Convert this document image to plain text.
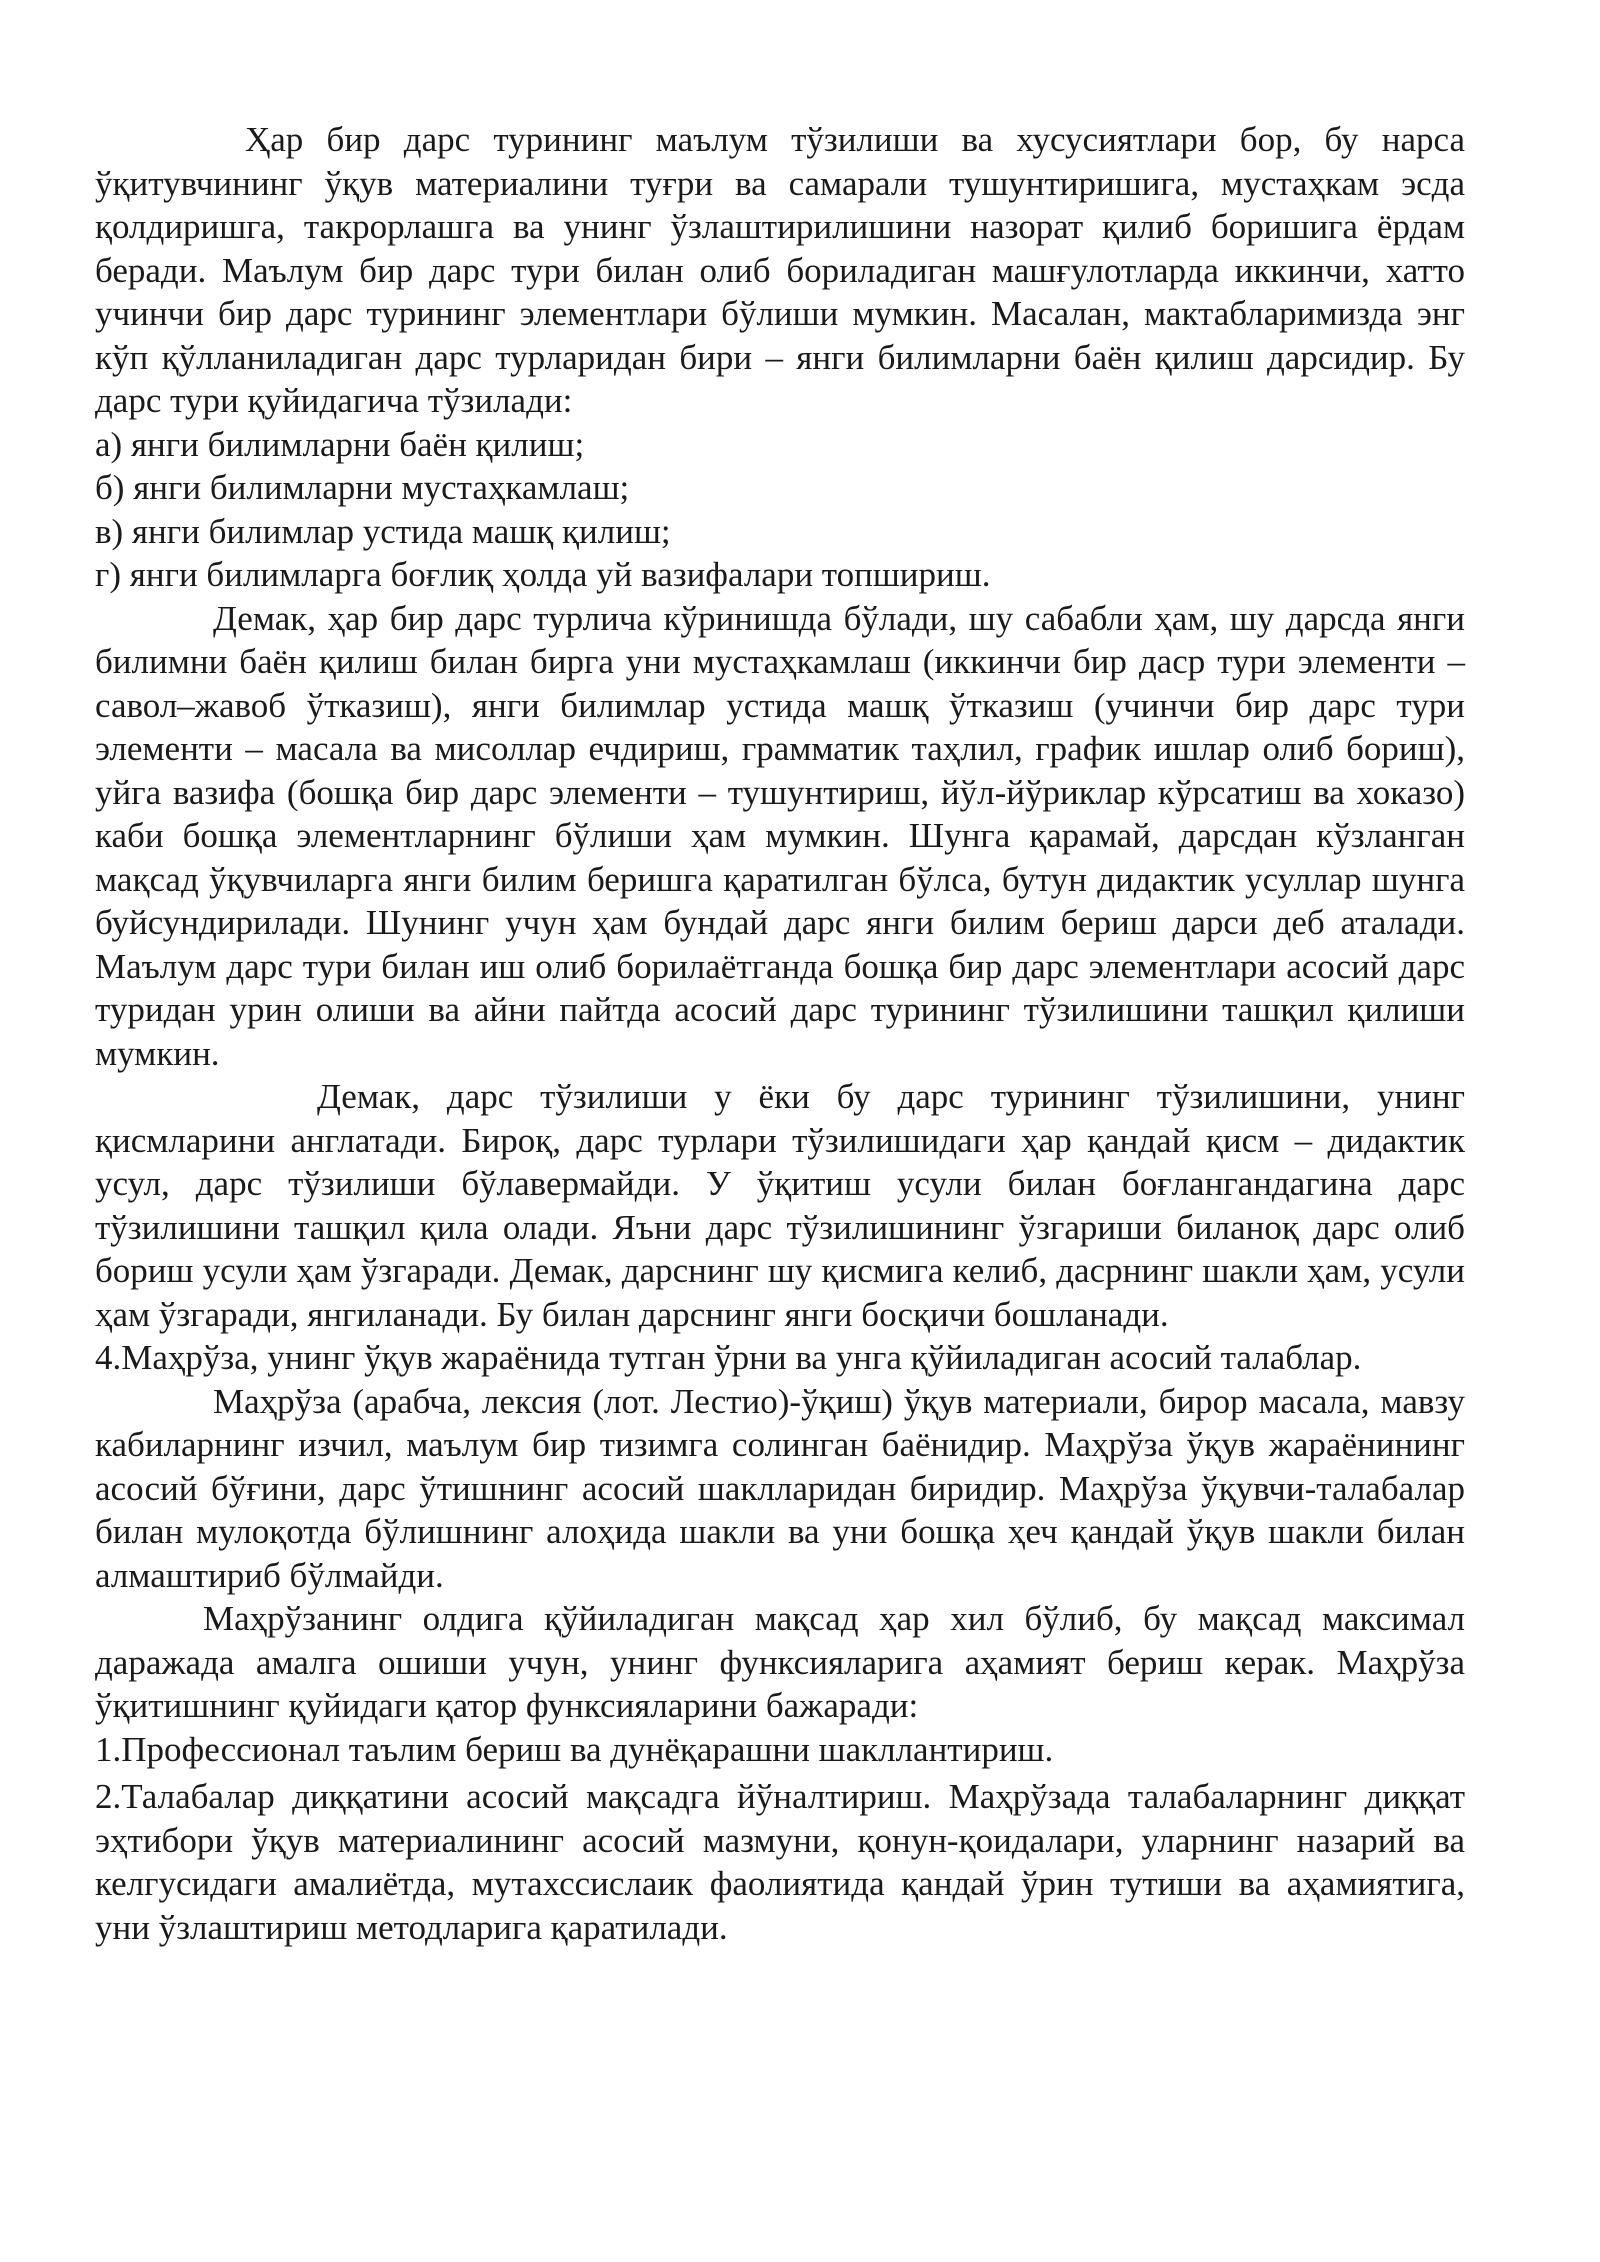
Ҳар бир дарс турининг маълум тўзилиши ва хусусиятлари бор, бу нарса ўқитувчининг ўқув материалини туғри ва самарали тушунтиришига, мустаҳкам эсда қолдиришга, такрорлашга ва унинг ўзлаштирилишини назорат қилиб боришига ёрдам беради. Маълум бир дарс тури билан олиб бориладиган машғулотларда иккинчи, хатто учинчи бир дарс турининг элементлари бўлиши мумкин. Масалан, мактабларимизда энг кўп қўлланиладиган дарс турларидан бири – янги билимларни баён қилиш дарсидир. Бу дарс тури қуйидагича тўзилади:

а) янги билимларни баён қилиш;

б) янги билимларни мустаҳкамлаш;

в) янги билимлар устида машқ қилиш;

г) янги билимларга боғлиқ ҳолда уй вазифалари топшириш.

Демак, ҳар бир дарс турлича кўринишда бўлади, шу сабабли ҳам, шу дарсда янги билимни баён қилиш билан бирга уни мустаҳкамлаш (иккинчи бир даср тури элементи – савол–жавоб ўтказиш), янги билимлар устида машқ ўтказиш (учинчи бир дарс тури элементи – масала ва мисоллар ечдириш, грамматик таҳлил, график ишлар олиб бориш), уйга вазифа (бошқа бир дарс элементи – тушунтириш, йўл-йўриклар кўрсатиш ва хоказо) каби бошқа элементларнинг бўлиши ҳам мумкин. Шунга қарамай, дарсдан кўзланган мақсад ўқувчиларга янги билим беришга қаратилган бўлса, бутун дидактик усуллар шунга буйсундирилади. Шунинг учун ҳам бундай дарс янги билим бериш дарси деб аталади. Маълум дарс тури билан иш олиб борилаётганда бошқа бир дарс элементлари асосий дарс туридан урин олиши ва айни пайтда асосий дарс турининг тўзилишини ташқил қилиши мумкин.

Демак, дарс тўзилиши у ёки бу дарс турининг тўзилишини, унинг қисмларини англатади. Бироқ, дарс турлари тўзилишидаги ҳар қандай қисм – дидактик усул, дарс тўзилиши бўлавермайди. У ўқитиш усули билан боғлангандагина дарс тўзилишини ташқил қила олади. Яъни дарс тўзилишининг ўзгариши биланоқ дарс олиб бориш усули ҳам ўзгаради. Демак, дарснинг шу қисмига келиб, дасрнинг шакли ҳам, усули ҳам ўзгаради, янгиланади. Бу билан дарснинг янги босқичи бошланади.

4.Маҳрўза, унинг ўқув жараёнида тутган ўрни ва унга қўйиладиган асосий талаблар.

Маҳрўза (арабча, лексия (лот. Лестио)-ўқиш) ўқув материали, бирор масала, мавзу кабиларнинг изчил, маълум бир тизимга солинган баёнидир. Маҳрўза ўқув жараёнининг асосий бўғини, дарс ўтишнинг асосий шаклларидан биридир. Маҳрўза ўқувчи-талабалар билан мулоқотда бўлишнинг алоҳида шакли ва уни бошқа ҳеч қандай ўқув шакли билан алмаштириб бўлмайди.

Маҳрўзанинг олдига қўйиладиган мақсад ҳар хил бўлиб, бу мақсад максимал даражада амалга ошиши учун, унинг функсияларига аҳамият бериш керак. Маҳрўза ўқитишнинг қуйидаги қатор функсияларини бажаради:

1.Профессионал таълим бериш ва дунёқарашни шакллантириш.

2.Талабалар диққатини асосий мақсадга йўналтириш. Маҳрўзада талабаларнинг диққат эҳтибори ўқув материалининг асосий мазмуни, қонун-қоидалари, уларнинг назарий ва келгусидаги амалиётда, мутахссислаик фаолиятида қандай ўрин тутиши ва аҳамиятига, уни ўзлаштириш методларига қаратилади.
